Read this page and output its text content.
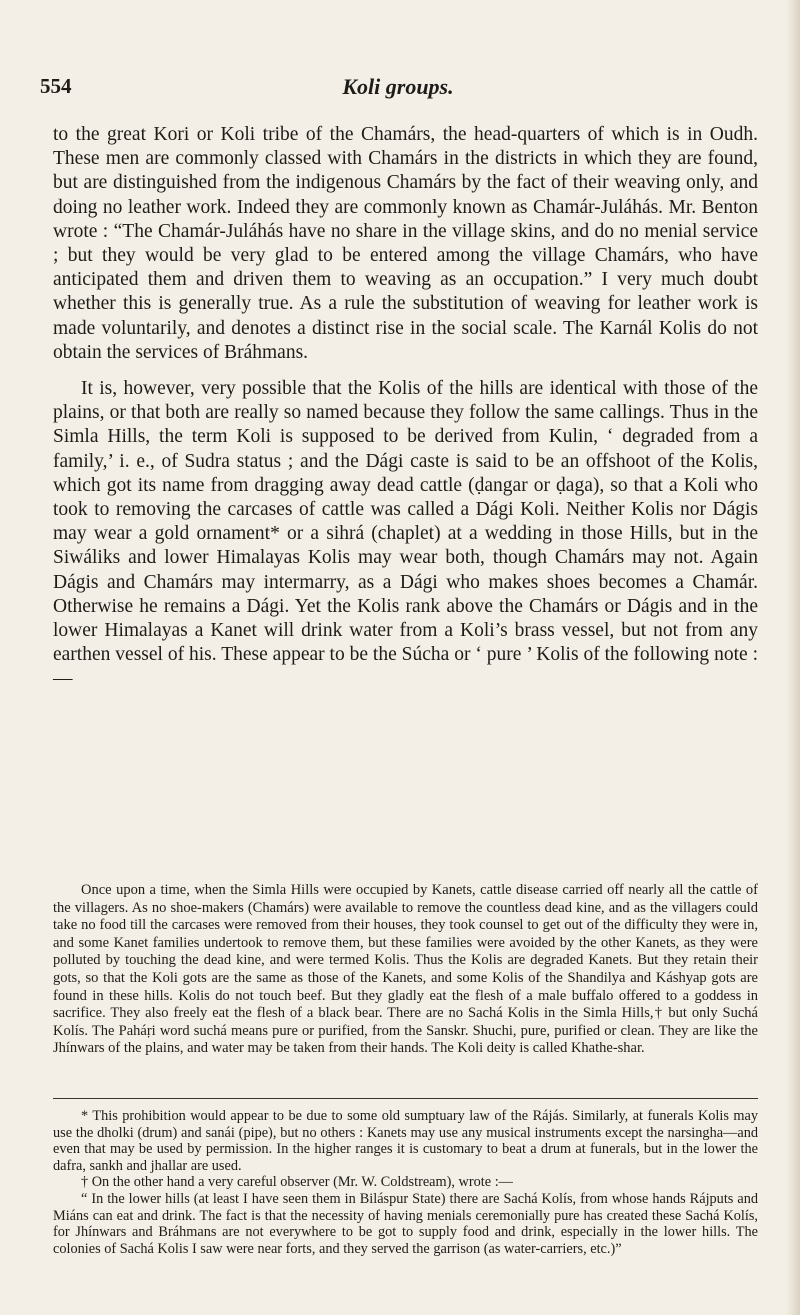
554	Koli groups.

to the great Kori or Koli tribe of the Chamárs, the head-quarters of which is in Oudh. These men are commonly classed with Chamárs in the districts in which they are found, but are distinguished from the indigenous Chamárs by the fact of their weaving only, and doing no leather work. Indeed they are commonly known as Chamár-Juláhás. Mr. Benton wrote : “The Chamár-Juláhás have no share in the village skins, and do no menial service ; but they would be very glad to be entered among the village Chamárs, who have anticipated them and driven them to weaving as an occupation.” I very much doubt whether this is generally true. As a rule the substitution of weaving for leather work is made voluntarily, and denotes a distinct rise in the social scale. The Karnál Kolis do not obtain the services of Bráhmans.

It is, however, very possible that the Kolis of the hills are identical with those of the plains, or that both are really so named because they follow the same callings. Thus in the Simla Hills, the term Koli is supposed to be derived from Kulin, ‘ degraded from a family,’ i. e., of Sudra status ; and the Dági caste is said to be an offshoot of the Kolis, which got its name from dragging away dead cattle (ḍangar or ḍaga), so that a Koli who took to removing the carcases of cattle was called a Dági Koli. Neither Kolis nor Dágis may wear a gold ornament* or a sihrá (chaplet) at a wedding in those Hills, but in the Siwáliks and lower Himalayas Kolis may wear both, though Chamárs may not. Again Dágis and Chamárs may intermarry, as a Dági who makes shoes becomes a Chamár. Otherwise he remains a Dági. Yet the Kolis rank above the Chamárs or Dágis and in the lower Himalayas a Kanet will drink water from a Koli’s brass vessel, but not from any earthen vessel of his. These appear to be the Súcha or ‘ pure ’ Kolis of the following note :—

Once upon a time, when the Simla Hills were occupied by Kanets, cattle disease carried off nearly all the cattle of the villagers. As no shoe-makers (Chamárs) were available to remove the countless dead kine, and as the villagers could take no food till the carcases were removed from their houses, they took counsel to get out of the difficulty they were in, and some Kanet families undertook to remove them, but these families were avoided by the other Kanets, as they were polluted by touching the dead kine, and were termed Kolis. Thus the Kolis are degraded Kanets. But they retain their gots, so that the Koli gots are the same as those of the Kanets, and some Kolis of the Shandilya and Káshyap gots are found in these hills. Kolis do not touch beef. But they gladly eat the flesh of a male buffalo offered to a goddess in sacrifice. They also freely eat the flesh of a black bear. There are no Sachá Kolis in the Simla Hills,† but only Suchá Kolís. The Paháṛi word suchá means pure or purified, from the Sanskr. Shuchi, pure, purified or clean. They are like the Jhínwars of the plains, and water may be taken from their hands. The Koli deity is called Khathe-shar.

* This prohibition would appear to be due to some old sumptuary law of the Rájás. Similarly, at funerals Kolis may use the dholki (drum) and sanái (pipe), but no others : Kanets may use any musical instruments except the narsingha—and even that may be used by permission. In the higher ranges it is customary to beat a drum at funerals, but in the lower the dafra, sankh and jhallar are used.

† On the other hand a very careful observer (Mr. W. Coldstream), wrote :—

“ In the lower hills (at least I have seen them in Biláspur State) there are Sachá Kolís, from whose hands Rájputs and Miáns can eat and drink. The fact is that the necessity of having menials ceremonially pure has created these Sachá Kolís, for Jhínwars and Bráhmans are not everywhere to be got to supply food and drink, especially in the lower hills. The colonies of Sachá Kolis I saw were near forts, and they served the garrison (as water-carriers, etc.)”
